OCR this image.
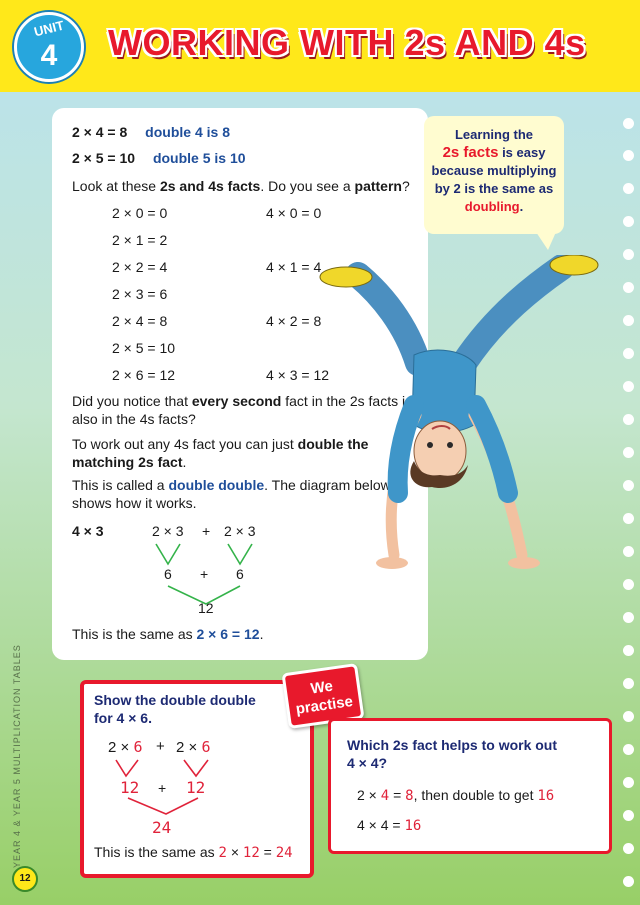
UNIT
4	WORKING WITH 2s AND 4s
2 × 4 = 8 double 4 is 8
2 × 5 = 10 double 5 is 10
Look at these 2s and 4s facts. Do you see a pattern?
2 × 0 = 0
2 × 1 = 2
2 × 2 = 4
2 × 3 = 6
2 × 4 = 8
2 × 5 = 10
2 × 6 = 12
4 × 0 = 0
4 × 1 = 4
4 × 2 = 8
4 × 3 = 12
Did you notice that every second fact in the 2s facts is
also in the 4s facts?
To work out any 4s fact you can just double the
matching 2s fact.
This is called a double double. The diagram below
shows how it works.
4 × 3	2 × 3 + 2 × 3
6 + 6
12
This is the same as 2 × 6 = 12.
Learning the
2s facts is easy
because multiplying
by 2 is the same as
doubling.
Show the double double
for 4 × 6.
2 × 6 + 2 × 6
12 + 12
24
This is the same as 2 × 12 = 24
We
practise
Which 2s fact helps to work out
4 × 4?
2 × 4 = 8, then double to get 16
4 × 4 = 16
YEAR 4 & YEAR 5 MULTIPLICATION TABLES
12
